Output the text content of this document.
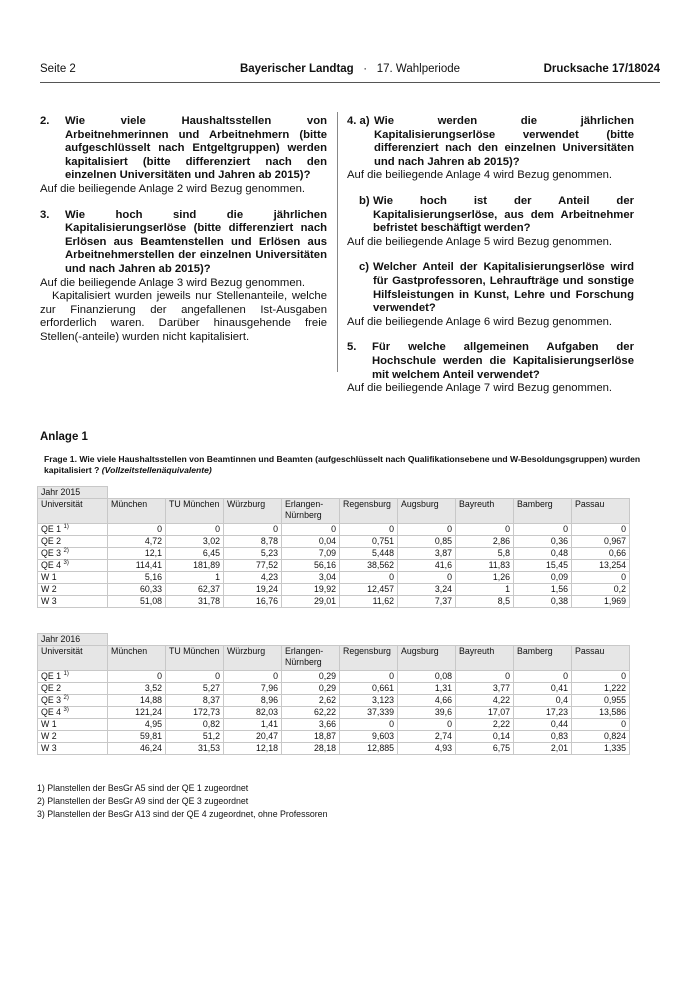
Seite 2	Bayerischer Landtag · 17. Wahlperiode	Drucksache 17/18024
2.	Wie viele Haushaltsstellen von Arbeitnehmerinnen und Arbeitnehmern (bitte aufgeschlüsselt nach Entgeltgruppen) werden kapitalisiert (bitte differenziert nach den einzelnen Universitäten und Jahren ab 2015)?

Auf die beiliegende Anlage 2 wird Bezug genommen.

3.	Wie hoch sind die jährlichen Kapitalisierungserlöse (bitte differenziert nach Erlösen aus Beamtenstellen und Erlösen aus Arbeitnehmerstellen der einzelnen Universitäten und nach Jahren ab 2015)?

Auf die beiliegende Anlage 3 wird Bezug genommen.

Kapitalisiert wurden jeweils nur Stellenanteile, welche zur Finanzierung der angefallenen Ist-Ausgaben erforderlich waren. Darüber hinausgehende freie Stellen(-anteile) wurden nicht kapitalisiert.

4. a) Wie werden die jährlichen Kapitalisierungserlöse verwendet (bitte differenziert nach den einzelnen Universitäten und nach Jahren ab 2015)?

Auf die beiliegende Anlage 4 wird Bezug genommen.

b) Wie hoch ist der Anteil der Kapitalisierungserlöse, aus dem Arbeitnehmer befristet beschäftigt werden?

Auf die beiliegende Anlage 5 wird Bezug genommen.

c) Welcher Anteil der Kapitalisierungserlöse wird für Gastprofessoren, Lehraufträge und sonstige Hilfsleistungen in Kunst, Lehre und Forschung verwendet?

Auf die beiliegende Anlage 6 wird Bezug genommen.

5.	Für welche allgemeinen Aufgaben der Hochschule werden die Kapitalisierungserlöse mit welchem Anteil verwendet?

Auf die beiliegende Anlage 7 wird Bezug genommen.

Anlage 1
Frage 1. Wie viele Haushaltsstellen von Beamtinnen und Beamten (aufgeschlüsselt nach Qualifikationsebene und W-Besoldungsgruppen) wurden kapitalisiert ? (Vollzeitstellenäquivalente)
Jahr 2015									
Universität	München	TU München	Würzburg	Erlangen-Nürnberg	Regensburg	Augsburg	Bayreuth	Bamberg	Passau
QE 1 $^{1)}$	0	0	0	0	0	0	0	0	0
QE 2	4,72	3,02	8,78	0,04	0,751	0,85	2,86	0,36	0,967
QE 3 $^{2)}$	12,1	6,45	5,23	7,09	5,448	3,87	5,8	0,48	0,66
QE 4 $^{3)}$	114,41	181,89	77,52	56,16	38,562	41,6	11,83	15,45	13,254
W 1	5,16	1	4,23	3,04	0	0	1,26	0,09	0
W 2	60,33	62,37	19,24	19,92	12,457	3,24	1	1,56	0,2
W 3	51,08	31,78	16,76	29,01	11,62	7,37	8,5	0,38	1,969
Jahr 2016									
Universität	München	TU München	Würzburg	Erlangen-Nürnberg	Regensburg	Augsburg	Bayreuth	Bamberg	Passau
QE 1 $^{1)}$	0	0	0	0,29	0	0,08	0	0	0
QE 2	3,52	5,27	7,96	0,29	0,661	1,31	3,77	0,41	1,222
QE 3 $^{2)}$	14,88	8,37	8,96	2,62	3,123	4,66	4,22	0,4	0,955
QE 4 $^{3)}$	121,24	172,73	82,03	62,22	37,339	39,6	17,07	17,23	13,586
W 1	4,95	0,82	1,41	3,66	0	0	2,22	0,44	0
W 2	59,81	51,2	20,47	18,87	9,603	2,74	0,14	0,83	0,824
W 3	46,24	31,53	12,18	28,18	12,885	4,93	6,75	2,01	1,335
1) Planstellen der BesGr A5 sind der QE 1 zugeordnet
2) Planstellen der BesGr A9 sind der QE 3 zugeordnet
3) Planstellen der BesGr A13 sind der QE 4 zugeordnet, ohne Professoren
